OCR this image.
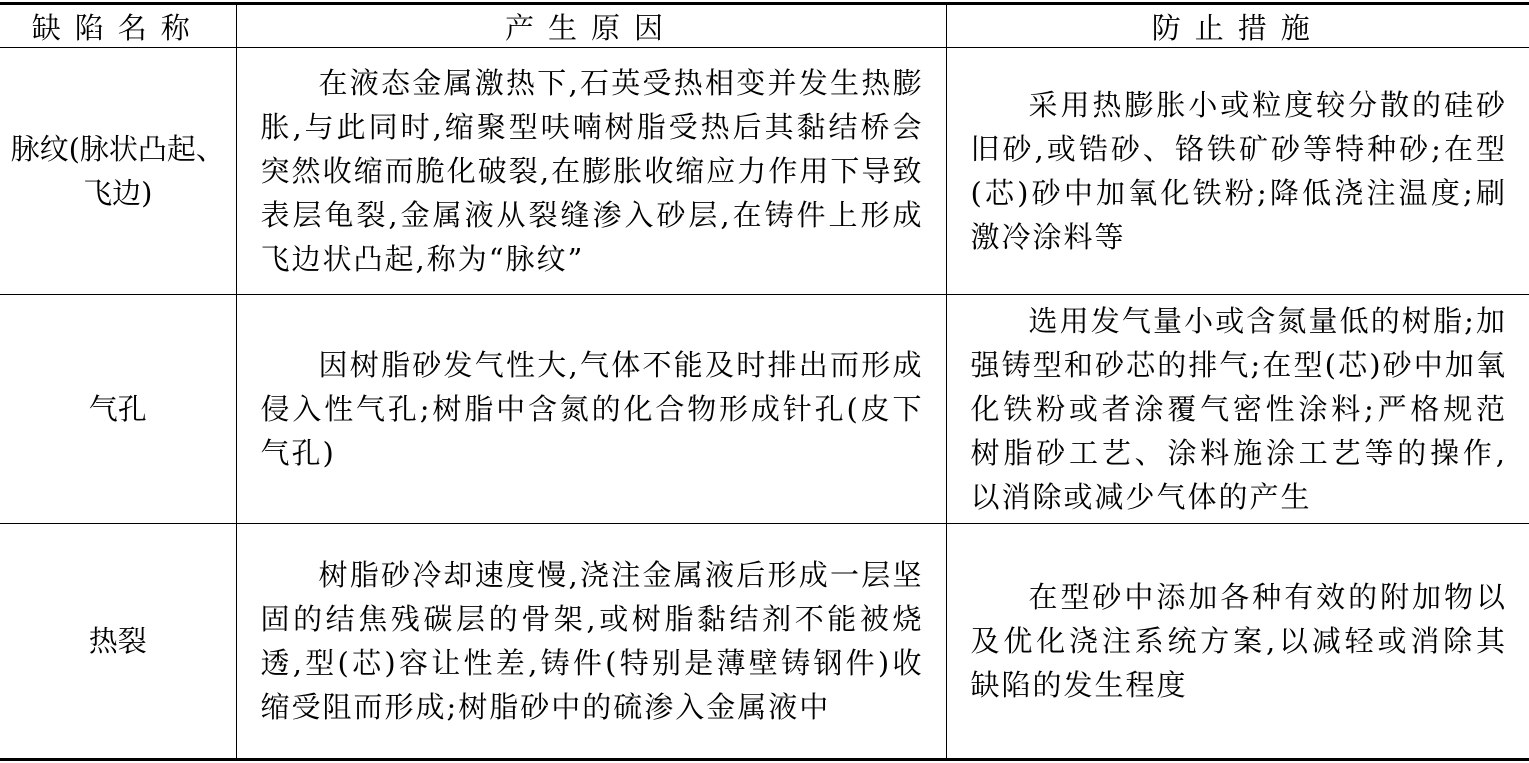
缺陷名称	产生原因	防止措施
脉纹(脉状凸起、飞边)	在液态金属激热下,石英受热相变并发生热膨胀,与此同时,缩聚型呋喃树脂受热后其黏结桥会突然收缩而脆化破裂,在膨胀收缩应力作用下导致表层龟裂,金属液从裂缝渗入砂层,在铸件上形成飞边状凸起,称为“脉纹”	采用热膨胀小或粒度较分散的硅砂旧砂,或锆砂、铬铁矿砂等特种砂;在型(芯)砂中加氧化铁粉;降低浇注温度;刷激冷涂料等

气孔	因树脂砂发气性大,气体不能及时排出而形成侵入性气孔;树脂中含氮的化合物形成针孔(皮下气孔)	选用发气量小或含氮量低的树脂;加强铸型和砂芯的排气;在型(芯)砂中加氧化铁粉或者涂覆气密性涂料;严格规范树脂砂工艺、涂料施涂工艺等的操作,以消除或减少气体的产生

热裂	树脂砂冷却速度慢,浇注金属液后形成一层坚固的结焦残碳层的骨架,或树脂黏结剂不能被烧透,型(芯)容让性差,铸件(特别是薄壁铸钢件)收缩受阻而形成;树脂砂中的硫渗入金属液中	在型砂中添加各种有效的附加物以及优化浇注系统方案,以减轻或消除其缺陷的发生程度
